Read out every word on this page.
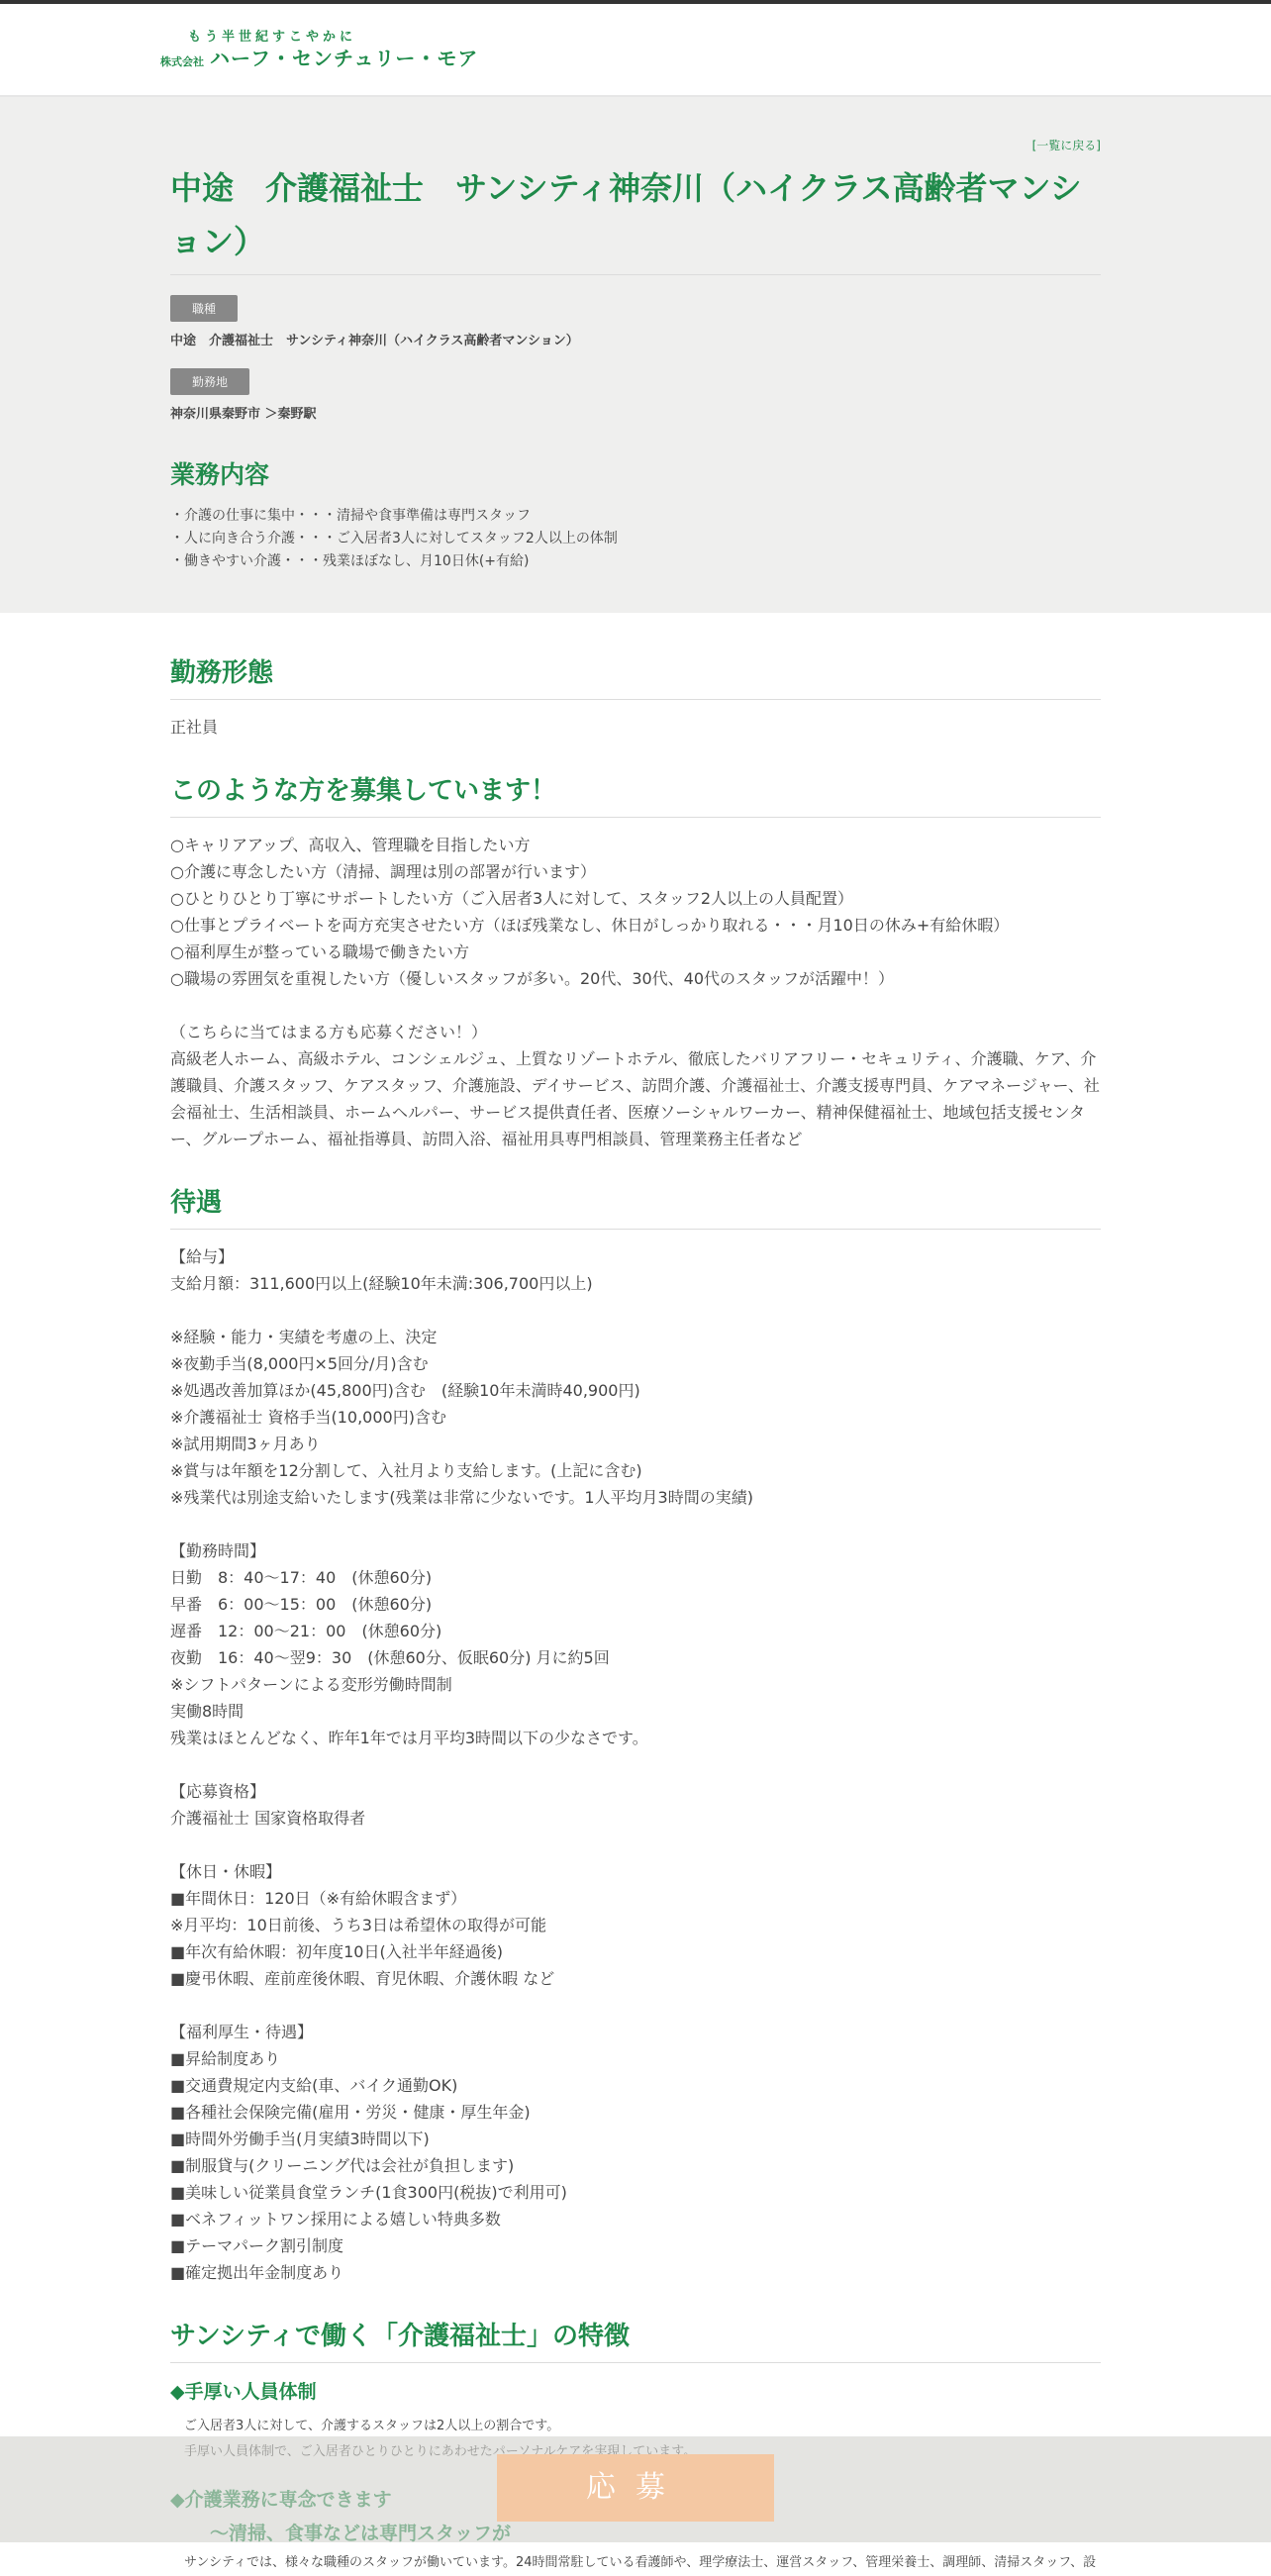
もう半世紀すこやかに
株式会社 ハーフ・センチュリー・モア
[一覧に戻る]
中途　介護福祉士　サンシティ神奈川（ハイクラス高齢者マンション）
職種
中途　介護福祉士　サンシティ神奈川（ハイクラス高齢者マンション）
勤務地
神奈川県秦野市 ＞秦野駅
業務内容
・介護の仕事に集中・・・清掃や食事準備は専門スタッフ
・人に向き合う介護・・・ご入居者3人に対してスタッフ2人以上の体制
・働きやすい介護・・・残業ほぼなし、月10日休(+有給)
勤務形態
正社員
このような方を募集しています！
○キャリアアップ、高収入、管理職を目指したい方
○介護に専念したい方（清掃、調理は別の部署が行います）
○ひとりひとり丁寧にサポートしたい方（ご入居者3人に対して、スタッフ2人以上の人員配置）
○仕事とプライベートを両方充実させたい方（ほぼ残業なし、休日がしっかり取れる・・・月10日の休み+有給休暇）
○福利厚生が整っている職場で働きたい方
○職場の雰囲気を重視したい方（優しいスタッフが多い。20代、30代、40代のスタッフが活躍中！）

（こちらに当てはまる方も応募ください！）
高級老人ホーム、高級ホテル、コンシェルジュ、上質なリゾートホテル、徹底したバリアフリー・セキュリティ、介護職、ケア、介護職員、介護スタッフ、ケアスタッフ、介護施設、デイサービス、訪問介護、介護福祉士、介護支援専門員、ケアマネージャー、社会福祉士、生活相談員、ホームヘルパー、サービス提供責任者、医療ソーシャルワーカー、精神保健福祉士、地域包括支援センター、グループホーム、福祉指導員、訪問入浴、福祉用具専門相談員、管理業務主任者など
待遇
【給与】
支給月額：311,600円以上(経験10年未満:306,700円以上)

※経験・能力・実績を考慮の上、決定
※夜勤手当(8,000円×5回分/月)含む
※処遇改善加算ほか(45,800円)含む　(経験10年未満時40,900円)
※介護福祉士 資格手当(10,000円)含む
※試用期間3ヶ月あり
※賞与は年額を12分割して、入社月より支給します。(上記に含む)
※残業代は別途支給いたします(残業は非常に少ないです。1人平均月3時間の実績)

【勤務時間】
日勤　8：40～17：40　(休憩60分)
早番　6：00～15：00　(休憩60分)
遅番　12：00～21：00　(休憩60分)
夜勤　16：40～翌9：30　(休憩60分、仮眠60分) 月に約5回
※シフトパターンによる変形労働時間制
実働8時間
残業はほとんどなく、昨年1年では月平均3時間以下の少なさです。

【応募資格】
介護福祉士 国家資格取得者

【休日・休暇】
■年間休日：120日（※有給休暇含まず）
※月平均：10日前後、うち3日は希望休の取得が可能
■年次有給休暇：初年度10日(入社半年経過後)
■慶弔休暇、産前産後休暇、育児休暇、介護休暇 など

【福利厚生・待遇】
■昇給制度あり
■交通費規定内支給(車、バイク通勤OK)
■各種社会保険完備(雇用・労災・健康・厚生年金)
■時間外労働手当(月実績3時間以下)
■制服貸与(クリーニング代は会社が負担します)
■美味しい従業員食堂ランチ(1食300円(税抜)で利用可)
■ベネフィットワン採用による嬉しい特典多数
■テーマパーク割引制度
■確定拠出年金制度あり
サンシティで働く「介護福祉士」の特徴
◆手厚い人員体制
ご入居者3人に対して、介護するスタッフは2人以上の割合です。
サンシティでは、様々な職種のスタッフが働いています。24時間常駐している看護師や、理学療法士、運営スタッフ、管理栄養士、調理師、清掃スタッフ、設
応募
